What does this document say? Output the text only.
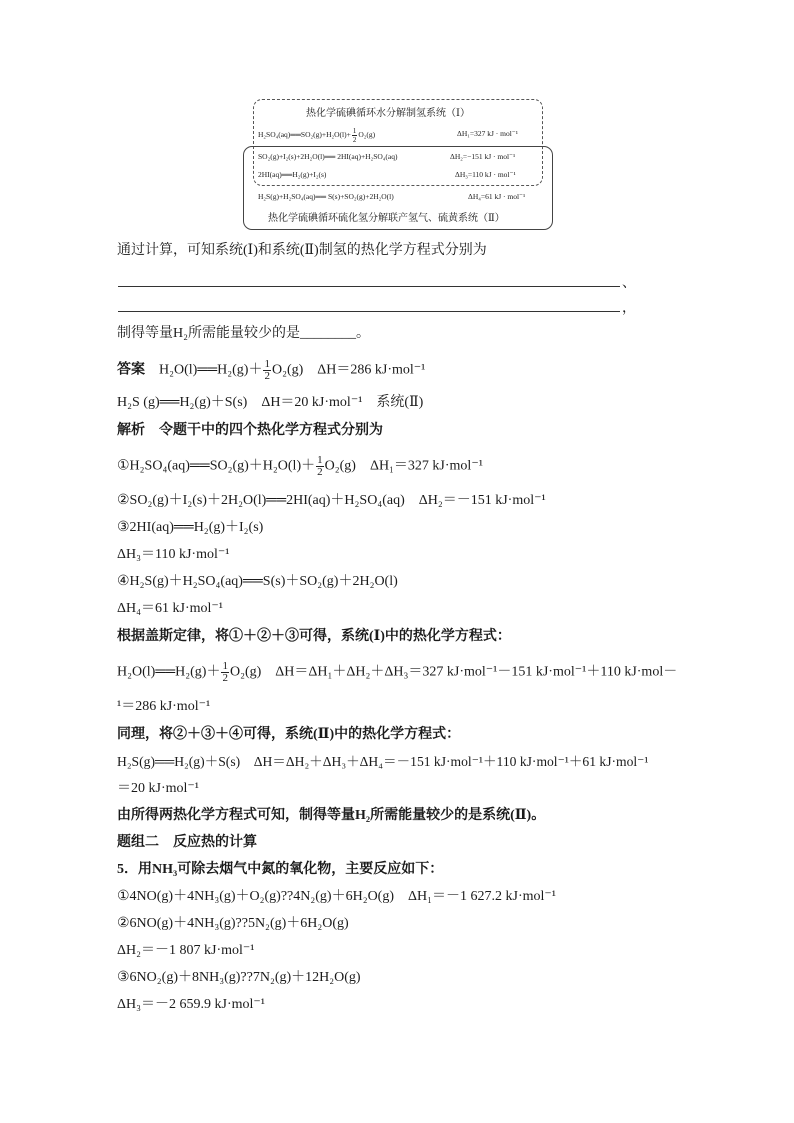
热化学硫碘循环水分解制氢系统（Ⅰ）
H₂SO₄(aq)══SO₂(g)+H₂O(l)+ $\frac{1}{2} O_2(g)$	ΔH₁=327 kJ · mol⁻¹
SO₂(g)+I₂(s)+2H₂O(l)══ 2HI(aq)+H₂SO₄(aq)	ΔH₂=−151 kJ · mol⁻¹
2HI(aq)══H₂(g)+I₂(s)	ΔH₃=110 kJ · mol⁻¹
H₂S(g)+H₂SO₄(aq)══ S(s)+SO₂(g)+2H₂O(l)	ΔH₄=61 kJ · mol⁻¹
热化学硫碘循环硫化氢分解联产氢气、硫黄系统（Ⅱ）
通过计算，可知系统(Ⅰ)和系统(Ⅱ)制氢的热化学方程式分别为
、
，
制得等量H₂所需能量较少的是________。
答案 H₂O(l)══H₂(g)＋ $\frac{1}{2} O_2(g)$　ΔH＝286 kJ·mol⁻¹
H₂S (g)══H₂(g)＋S(s)　ΔH＝20 kJ·mol⁻¹　系统(Ⅱ)
解析　令题干中的四个热化学方程式分别为
①H₂SO₄(aq)══SO₂(g)＋H₂O(l)＋ $\frac{1}{2} O_2(g)$　ΔH₁＝327 kJ·mol⁻¹
②SO₂(g)＋I₂(s)＋2H₂O(l)══2HI(aq)＋H₂SO₄(aq)　ΔH₂＝－151 kJ·mol⁻¹
③2HI(aq)══H₂(g)＋I₂(s)
ΔH₃＝110 kJ·mol⁻¹
④H₂S(g)＋H₂SO₄(aq)══S(s)＋SO₂(g)＋2H₂O(l)
ΔH₄＝61 kJ·mol⁻¹
根据盖斯定律，将①＋②＋③可得，系统(Ⅰ)中的热化学方程式：
H₂O(l)══H₂(g)＋ $\frac{1}{2} O_2(g)$　ΔH＝ΔH₁＋ΔH₂＋ΔH₃＝327 kJ·mol⁻¹－151 kJ·mol⁻¹＋110 kJ·mol－
¹＝286 kJ·mol⁻¹
同理，将②＋③＋④可得，系统(Ⅱ)中的热化学方程式：
H₂S(g)══H₂(g)＋S(s)　ΔH＝ΔH₂＋ΔH₃＋ΔH₄＝－151 kJ·mol⁻¹＋110 kJ·mol⁻¹＋61 kJ·mol⁻¹
＝20 kJ·mol⁻¹
由所得两热化学方程式可知，制得等量H₂所需能量较少的是系统(Ⅱ)。
题组二　反应热的计算
5．用NH₃可除去烟气中氮的氧化物，主要反应如下：
①4NO(g)＋4NH₃(g)＋O₂(g)??4N₂(g)＋6H₂O(g)　ΔH₁＝－1 627.2 kJ·mol⁻¹
②6NO(g)＋4NH₃(g)??5N₂(g)＋6H₂O(g)
ΔH₂＝－1 807 kJ·mol⁻¹
③6NO₂(g)＋8NH₃(g)??7N₂(g)＋12H₂O(g)
ΔH₃＝－2 659.9 kJ·mol⁻¹
